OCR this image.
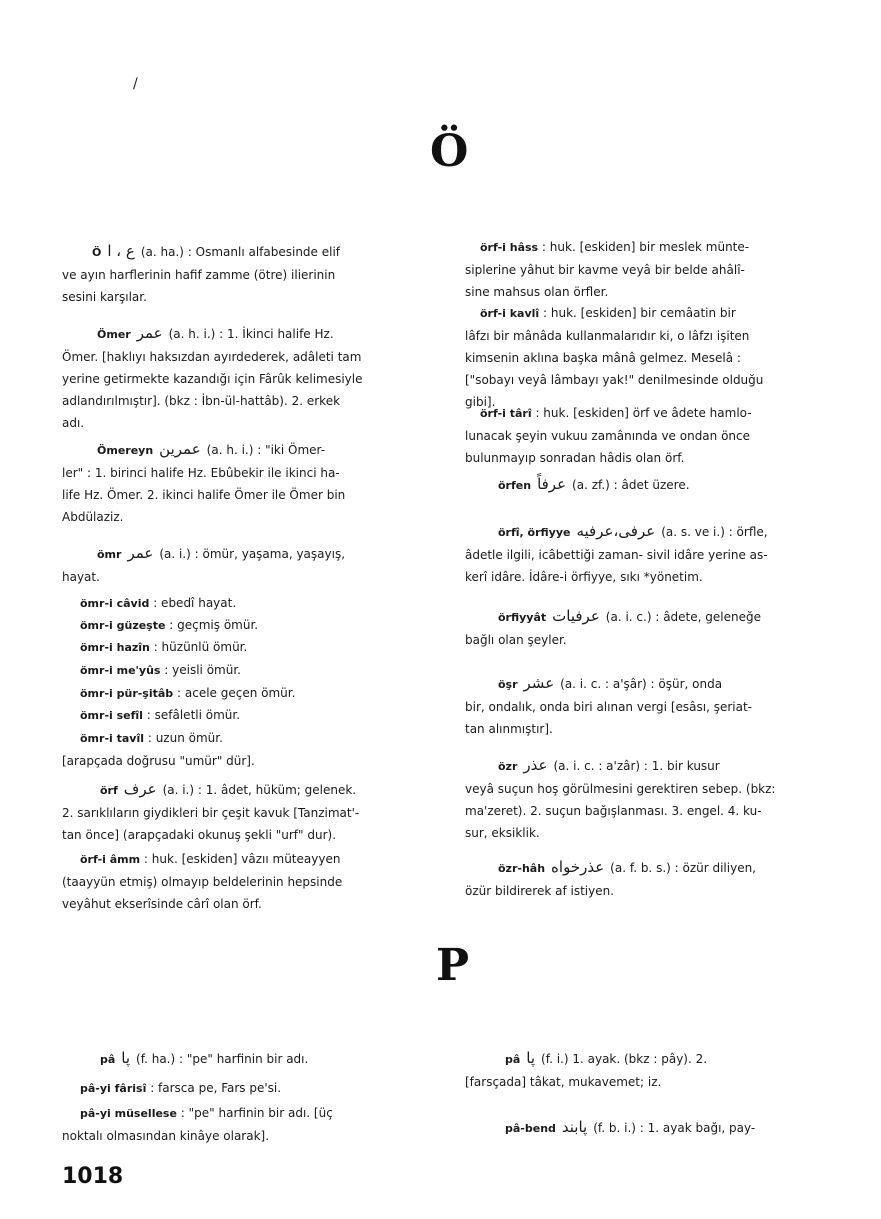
/
Ö
P

Ö ع ، ا (a. ha.) : Osmanlı alfabesinde elif

ve ayın harflerinin hafif zamme (ötre) ilierinin

sesini karşılar.

Ömer عمر (a. h. i.) : 1. İkinci halife Hz.

Ömer. [haklıyı haksızdan ayırdederek, adâleti tam

yerine getirmekte kazandığı için Fârûk kelimesiyle

adlandırılmıştır]. (bkz : İbn-ül-hattâb). 2. erkek

adı.

Ömereyn عمرين (a. h. i.) : "iki Ömer-

ler" : 1. birinci halife Hz. Ebûbekir ile ikinci ha-

life Hz. Ömer. 2. ikinci halife Ömer ile Ömer bin

Abdülaziz.

ömr عمر (a. i.) : ömür, yaşama, yaşayış,

hayat.

ömr-i câvid : ebedî hayat.

ömr-i güzeşte : geçmiş ömür.

ömr-i hazîn : hüzünlü ömür.

ömr-i me'yûs : yeisli ömür.

ömr-i pür-şitâb : acele geçen ömür.

ömr-i sefîl : sefâletli ömür.

ömr-i tavîl : uzun ömür.

[arapçada doğrusu "umür" dür].

örf عرف (a. i.) : 1. âdet, hüküm; gelenek.

2. sarıklıların giydikleri bir çeşit kavuk [Tanzimat'-

tan önce] (arapçadaki okunuş şekli "urf" dur).

örf-i âmm : huk. [eskiden] vâzıı müteayyen

(taayyün etmiş) olmayıp beldelerinin hepsinde

veyâhut ekserîsinde cârî olan örf.

örf-i hâss : huk. [eskiden] bir meslek münte-

siplerine yâhut bir kavme veyâ bir belde ahâlî-

sine mahsus olan örfler.

örf-i kavlî : huk. [eskiden] bir cemâatin bir

lâfzı bir mânâda kullanmalarıdır ki, o lâfzı işiten

kimsenin aklına başka mânâ gelmez. Meselâ :

["sobayı veyâ lâmbayı yak!" denilmesinde olduğu

gibi].

örf-i târî : huk. [eskiden] örf ve âdete hamlo-

lunacak şeyin vukuu zamânında ve ondan önce

bulunmayıp sonradan hâdis olan örf.

örfen عرفاً (a. zf.) : âdet üzere.

örfî, örfiyye عرفى،عرفيه (a. s. ve i.) : örfle,

âdetle ilgili, icâbettiği zaman- sivil idâre yerine as-

kerî idâre. İdâre-i örfiyye, sıkı *yönetim.

örfiyyât عرفيات (a. i. c.) : âdete, geleneğe

bağlı olan şeyler.

öşr عشر (a. i. c. : a'şâr) : öşür, onda

bir, ondalık, onda biri alınan vergi [esâsı, şeriat-

tan alınmıştır].

özr عذر (a. i. c. : a'zâr) : 1. bir kusur

veyâ suçun hoş görülmesini gerektiren sebep. (bkz:

ma'zeret). 2. suçun bağışlanması. 3. engel. 4. ku-

sur, eksiklik.

özr-hâh عذرخواه (a. f. b. s.) : özür diliyen,

özür bildirerek af istiyen.

pâ پا (f. ha.) : "pe" harfinin bir adı.

pâ-yi fârisî : farsca pe, Fars pe'si.

pâ-yi müsellese : "pe" harfinin bir adı. [üç

noktalı olmasından kinâye olarak].

pâ پا (f. i.) 1. ayak. (bkz : pây). 2.

[farsçada] tâkat, mukavemet; iz.

pâ-bend پابند (f. b. i.) : 1. ayak bağı, pay-

1018
